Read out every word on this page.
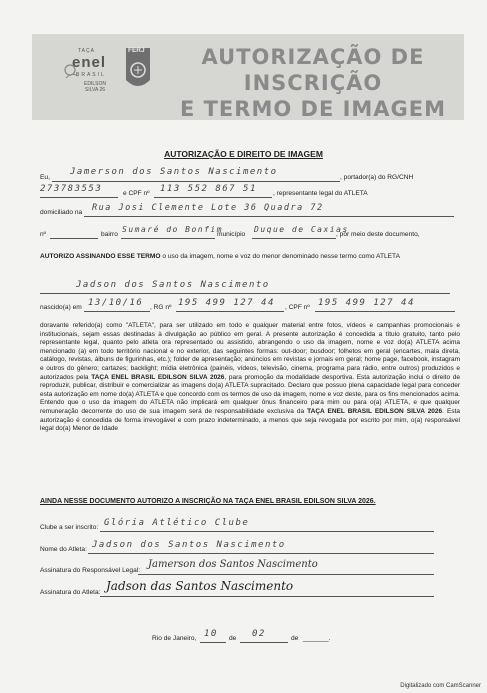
TAÇA
enel
BRASIL
EDILSON
SILVA 26
FERJ	AUTORIZAÇÃO DE INSCRIÇÃO
E TERMO DE IMAGEM
AUTORIZAÇÃO E DIREITO DE IMAGEM
Eu,
Jamerson dos Santos Nascimento
, portador(a) do RG/CNH
273783553	e CPF nº 113 552 867 51 , representante legal do ATLETA
domiciliado na Rua Josi Clemente Lote 36 Quadra 72
nº	bairro
Sumaré do Bonfim
município
Duque de Caxias
, por meio deste documento,
AUTORIZO ASSINANDO ESSE TERMO o uso da imagem, nome e voz do menor denominado nesse termo como ATLETA
Jadson dos Santos Nascimento
nascido(a) em 13/10/16 , RG nº 195 499 127 44 , CPF nº 195 499 127 44
doravante referido(a) como "ATLETA", para ser utilizado em todo e qualquer material entre fotos, vídeos e campanhas promocionais e institucionais, sejam essas destinadas à divulgação ao público em geral. A presente autorização é concedida a título gratuito, tanto pelo representante legal, quanto pelo atleta ora representado ou assistido, abrangendo o uso da imagem, nome e voz do(a) ATLETA acima mencionado (a) em todo território nacional e no exterior, das seguintes formas: out-door; busdoor; folhetos em geral (encartes, mala direta, catálogo, revistas, álbuns de figurinhas, etc.); folder de apresentação; anúncios em revistas e jornais em geral; home page, facebook, instagram e outros do gênero; cartazes; backlight; mídia eletrônica (painéis, vídeos, televisão, cinema, programa para rádio, entre outros) produzidos e autorizados pela TAÇA ENEL BRASIL EDILSON SILVA 2026, para promoção da modalidade desportiva. Esta autorização inclui o direito de reproduzir, publicar, distribuir e comercializar as imagens do(a) ATLETA supracitado. Declaro que possuo plena capacidade legal para conceder esta autorização em nome do(a) ATLETA e que concordo com os termos de uso da imagem, nome e voz deste, para os fins mencionados acima. Entendo que o uso da imagem do ATLETA não implicará em qualquer ônus financeiro para mim ou para o(a) ATLETA, e que qualquer remuneração decorrente do uso de sua imagem será de responsabilidade exclusiva da TAÇA ENEL BRASIL EDILSON SILVA 2026. Esta autorização é concedida de forma irrevogável e com prazo indeterminado, a menos que seja revogada por escrito por mim, o(a) responsável legal do(a) Menor de Idade
AINDA NESSE DOCUMENTO AUTORIZO A INSCRIÇÃO NA TAÇA ENEL BRASIL EDILSON SILVA 2026.
Clube a ser inscrito: Glória Atlético Clube
Nome do Atleta: Jadson dos Santos Nascimento
Assinatura do Responsável Legal:
Jamerson dos Santos Nascimento
Assinatura do Atleta: Jadson das Santos Nascimento
Rio de Janeiro, 10 de 02	de _______.
Digitalizado com CamScanner
